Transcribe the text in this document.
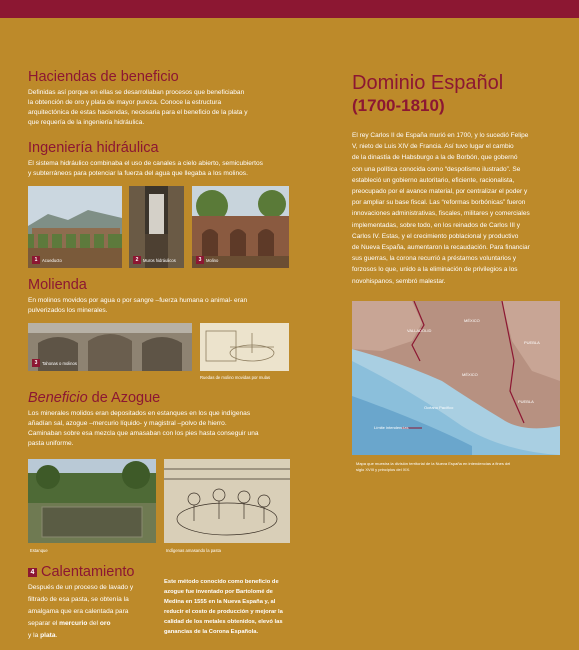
Haciendas de beneficio
Definidas así porque en ellas se desarrollaban procesos que beneficiaban
la obtención de oro y plata de mayor pureza. Conoce la estructura
arquitectónica de estas haciendas, necesaria para el beneficio de la plata y
que requería de la ingeniería hidráulica.
Ingeniería hidráulica
El sistema hidráulico combinaba el uso de canales a cielo abierto, semicubiertos
y subterráneos para potenciar la fuerza del agua que llegaba a los molinos.
1	Acueducto	2	Muros hidráulicos	3	Molino
Molienda
En molinos movidos por agua o por sangre –fuerza humana o animal- eran
pulverizados los minerales.
3	Tahonas o molinos
Ruedas de molino movidas por mulas
Beneficio de Azogue
Los minerales molidos eran depositados en estanques en los que indígenas
añadían sal, azogue –mercurio líquido- y magistral –polvo de hierro.
Caminaban sobre esa mezcla que amasaban con los pies hasta conseguir una
pasta uniforme.
Estanque	Indígenas amasando la pasta
4 Calentamiento
Después de un proceso de lavado y
filtrado de esa pasta, se obtenía la
amalgama que era calentada para
separar el mercurio del oro
y la plata.
Este método conocido como beneficio de
azogue fue inventado por Bartolomé de
Medina en 1555 en la Nueva España y, al
reducir el costo de producción y mejorar la
calidad de los metales obtenidos, elevó las
ganancias de la Corona Española.
Dominio Español
(1700-1810)
El rey Carlos II de España murió en 1700, y lo sucedió Felipe
V, nieto de Luis XIV de Francia. Así tuvo lugar el cambio
de la dinastía de Habsburgo a la de Borbón, que gobernó
con una política conocida como “despotismo ilustrado”. Se
estableció un gobierno autoritario, eficiente, racionalista,
preocupado por el avance material, por centralizar el poder y
por ampliar su base fiscal. Las “reformas borbónicas” fueron
innovaciones administrativas, fiscales, militares y comerciales
implementadas, sobre todo, en los reinados de Carlos III y
Carlos IV. Estas, y el crecimiento poblacional y productivo
de Nueva España, aumentaron la recaudación. Para financiar
sus guerras, la corona recurrió a préstamos voluntarios y
forzosos lo que, unido a la eliminación de privilegios a los
novohispanos, sembró malestar.
VALLADOLID
MÉXICO
PUEBLA
MÉXICO
PUEBLA
Océano Pacífico
Límite intendencias
Mapa que muestra la división territorial de la Nueva España en intendencias a fines del
siglo XVIII y principios del XIX.
